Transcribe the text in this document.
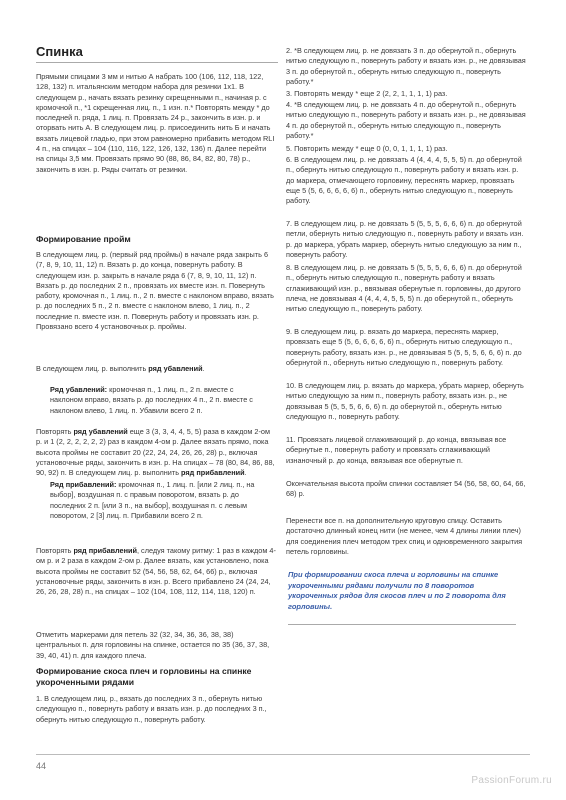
Спинка

Прямыми спицами 3 мм и нитью А набрать 100 (106, 112, 118, 122, 128, 132) п. итальянским методом набора для резинки 1х1. В следующем р., начать вязать резинку скрещенными п., начиная р. с кромочной п., *1 скрещенная лиц. п., 1 изн. п.* Повторять между * до последней п. ряда, 1 лиц. п. Провязать 24 р., закончить в изн. р. и оторвать нить А. В следующем лиц. р. присоединить нить Б и начать вязать лицевой гладью, при этом равномерно прибавить методом RLI 4 п., на спицах – 104 (110, 116, 122, 126, 132, 136) п. Далее перейти на спицы 3,5 мм. Провязать прямо 90 (88, 86, 84, 82, 80, 78) р., закончить в изн. р. Ряды считать от резинки.

Формирование пройм

В следующем лиц. р. (первый ряд проймы) в начале ряда закрыть 6 (7, 8, 9, 10, 11, 12) п. Вязать р. до конца, повернуть работу. В следующем изн. р. закрыть в начале ряда 6 (7, 8, 9, 10, 11, 12) п. Вязать р. до последних 2 п., провязать их вместе изн. п. Повернуть работу, кромочная п., 1 лиц. п., 2 п. вместе с наклоном вправо, вязать р. до последних 5 п., 2 п. вместе с наклоном влево, 1 лиц. п., 2 последние п. вместе изн. п. Повернуть работу и провязать изн. р. Провязано всего 4 установочных р. проймы.

В следующем лиц. р. выполнить ряд убавлений.

Ряд убавлений: кромочная п., 1 лиц. п., 2 п. вместе с наклоном вправо, вязать р. до последних 4 п., 2 п. вместе с наклоном влево, 1 лиц. п. Убавили всего 2 п.

Повторять ряд убавлений еще 3 (3, 3, 4, 4, 5, 5) раза в каждом 2-ом р. и 1 (2, 2, 2, 2, 2, 2) раз в каждом 4-ом р. Далее вязать прямо, пока высота проймы не составит 20 (22, 24, 24, 26, 26, 28) р., включая установочные ряды, закончить в изн. р. На спицах – 78 (80, 84, 86, 88, 90, 92) п. В следующем лиц. р. выполнить ряд прибавлений.

Ряд прибавлений: кромочная п., 1 лиц. п. [или 2 лиц. п., на выбор], воздушная п. с правым поворотом, вязать р. до последних 2 п. [или 3 п., на выбор], воздушная п. с левым поворотом, 2 [3] лиц. п. Прибавили всего 2 п.

Повторять ряд прибавлений, следуя такому ритму: 1 раз в каждом 4-ом р. и 2 раза в каждом 2-ом р. Далее вязать, как установлено, пока высота проймы не составит 52 (54, 56, 58, 62, 64, 66) р., включая установочные ряды, закончить в изн. р. Всего прибавлено 24 (24, 24, 26, 26, 28, 28) п., на спицах – 102 (104, 108, 112, 114, 118, 120) п.

Отметить маркерами для петель 32 (32, 34, 36, 36, 38, 38) центральных п. для горловины на спинке, остается по 35 (36, 37, 38, 39, 40, 41) п. для каждого плеча.

Формирование скоса плеч и горловины на спинке укороченными рядами

1. В следующем лиц. р., вязать до последних 3 п., обернуть нитью следующую п., повернуть работу и вязать изн. р. до последних 3 п., обернуть нитью следующую п., повернуть работу.

2. *В следующем лиц. р. не довязать 3 п. до обернутой п., обернуть нитью следующую п., повернуть работу и вязать изн. р., не довязывая 3 п. до обернутой п., обернуть нитью следующую п., повернуть работу.*

3. Повторять между * еще 2 (2, 2, 1, 1, 1, 1) раз.

4. *В следующем лиц. р. не довязать 4 п. до обернутой п., обернуть нитью следующую п., повернуть работу и вязать изн. р., не довязывая 4 п. до обернутой п., обернуть нитью следующую п., повернуть работу.*

5. Повторить между * еще 0 (0, 0, 1, 1, 1, 1) раз.

6. В следующем лиц. р. не довязать 4 (4, 4, 4, 5, 5, 5) п. до обернутой п., обернуть нитью следующую п., повернуть работу и вязать изн. р. до маркера, отмечающего горловину, переснять маркер, провязать еще 5 (5, 6, 6, 6, 6, 6) п., обернуть нитью следующую п., повернуть работу.

7. В следующем лиц. р. не довязать 5 (5, 5, 5, 6, 6, 6) п. до обернутой петли, обернуть нитью следующую п., повернуть работу и вязать изн. р. до маркера, убрать маркер, обернуть нитью следующую за ним п., повернуть работу.

8. В следующем лиц. р. не довязать 5 (5, 5, 5, 6, 6, 6) п. до обернутой п., обернуть нитью следующую п., повернуть работу и вязать сглаживающий изн. р., ввязывая обернутые п. горловины, до другого плеча, не довязывая 4 (4, 4, 4, 5, 5, 5) п. до обернутой п., обернуть нитью следующую п., повернуть работу.

9. В следующем лиц. р. вязать до маркера, переснять маркер, провязать еще 5 (5, 6, 6, 6, 6, 6) п., обернуть нитью следующую п., повернуть работу, вязать изн. р., не довязывая 5 (5, 5, 5, 6, 6, 6) п. до обернутой п., обернуть нитью следующую п., повернуть работу.

10. В следующем лиц. р. вязать до маркера, убрать маркер, обернуть нитью следующую за ним п., повернуть работу, вязать изн. р., не довязывая 5 (5, 5, 5, 6, 6, 6) п. до обернутой п., обернуть нитью следующую п., повернуть работу.

11. Провязать лицевой сглаживающий р. до конца, ввязывая все обернутые п., повернуть работу и провязать сглаживающий изнаночный р. до конца, ввязывая все обернутые п.

Окончательная высота пройм спинки составляет 54 (56, 58, 60, 64, 66, 68) р.

Перенести все п. на дополнительную круговую спицу. Оставить достаточно длинный конец нити (не менее, чем 4 длины линии плеч) для соединения плеч методом трех спиц и одновременного закрытия петель горловины.

При формировании скоса плеча и горловины на спинке укороченными рядами получили по 8 поворотов укороченных рядов для скосов плеч и по 2 поворота для горловины.

44
PassionForum.ru
